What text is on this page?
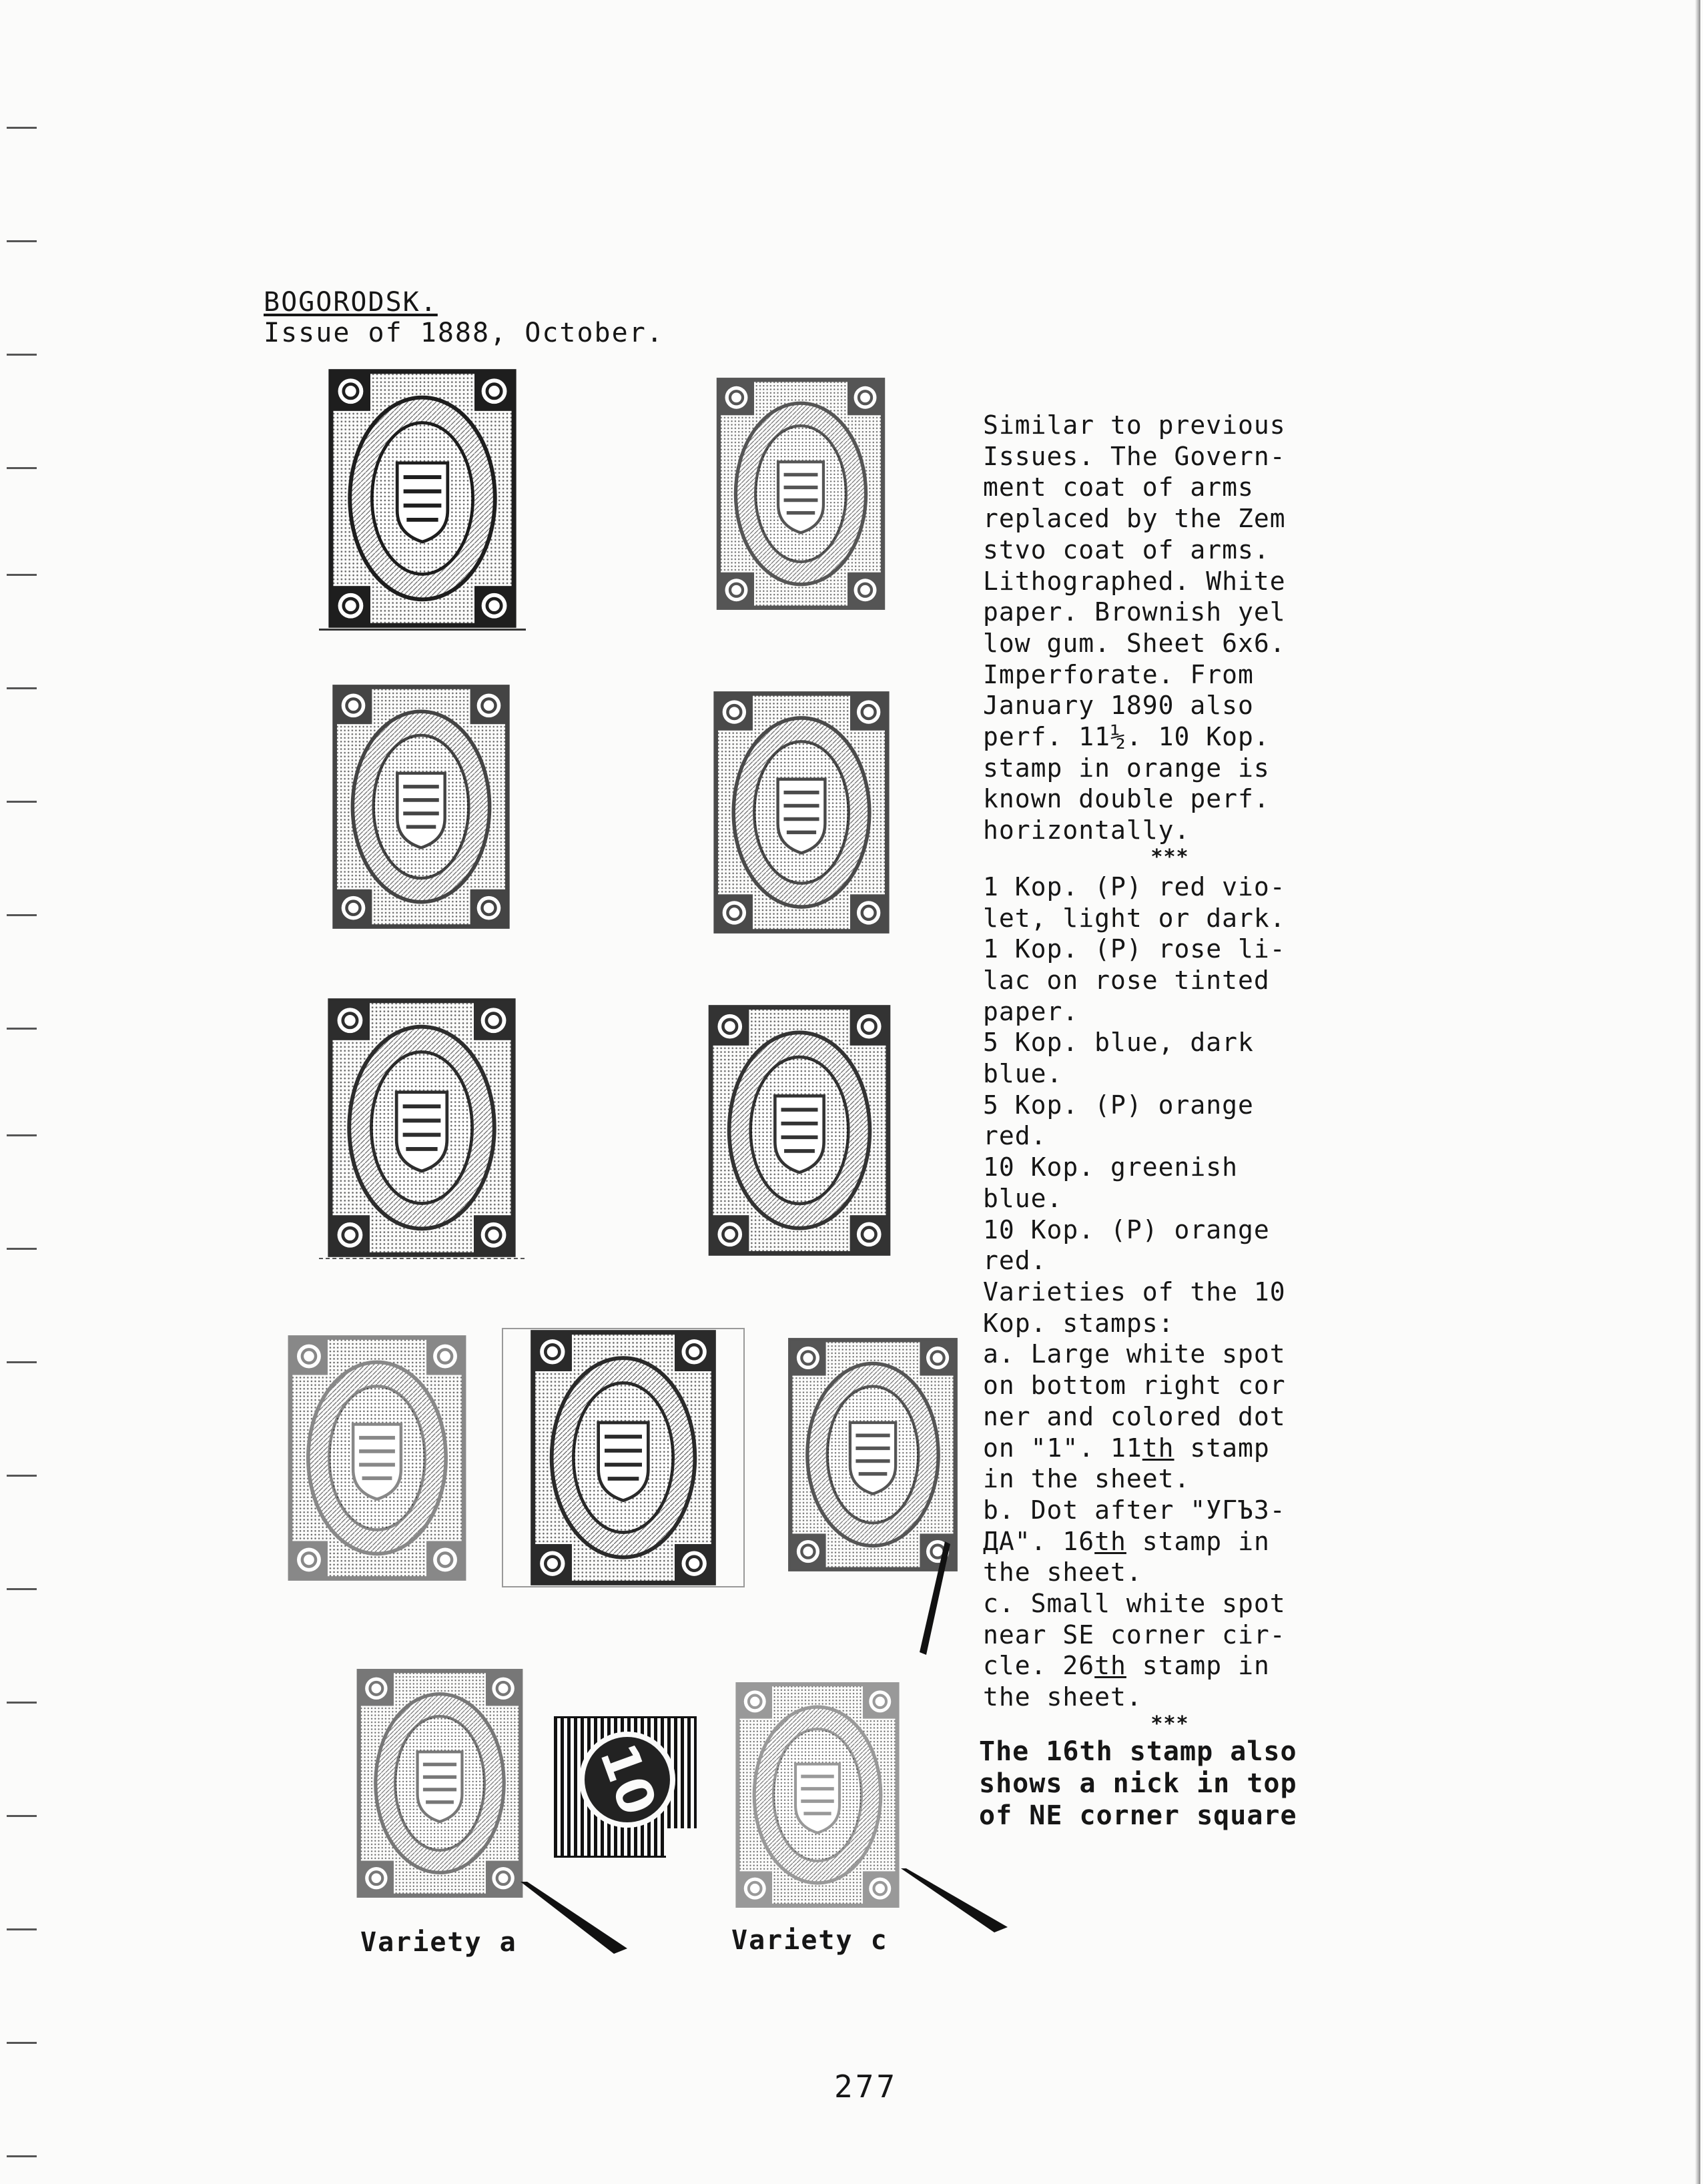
BOGORODSK.
Issue of 1888, October.
10
Variety a	Variety c

Similar to previous

Issues. The Govern-

ment coat of arms

replaced by the Zem

stvo coat of arms.

Lithographed. White

paper. Brownish yel

low gum. Sheet 6x6.

Imperforate. From

January 1890 also

perf. 11½. 10 Kop.

stamp in orange is

known double perf.

horizontally.

***

1 Kop. (P) red vio-

let, light or dark.

1 Kop. (P) rose li-

lac on rose tinted

paper.

5 Kop. blue, dark

blue.

5 Kop. (P) orange

red.

10 Kop. greenish

blue.

10 Kop. (P) orange

red.

Varieties of the 10

Kop. stamps:

a. Large white spot

on bottom right cor

ner and colored dot

on "1". 11th stamp

in the sheet.

b. Dot after "УГЪЗ-

ДА". 16th stamp in

the sheet.

c. Small white spot

near SE corner cir-

cle. 26th stamp in

the sheet.

***

The 16th stamp also

shows a nick in top

of NE corner square

277
